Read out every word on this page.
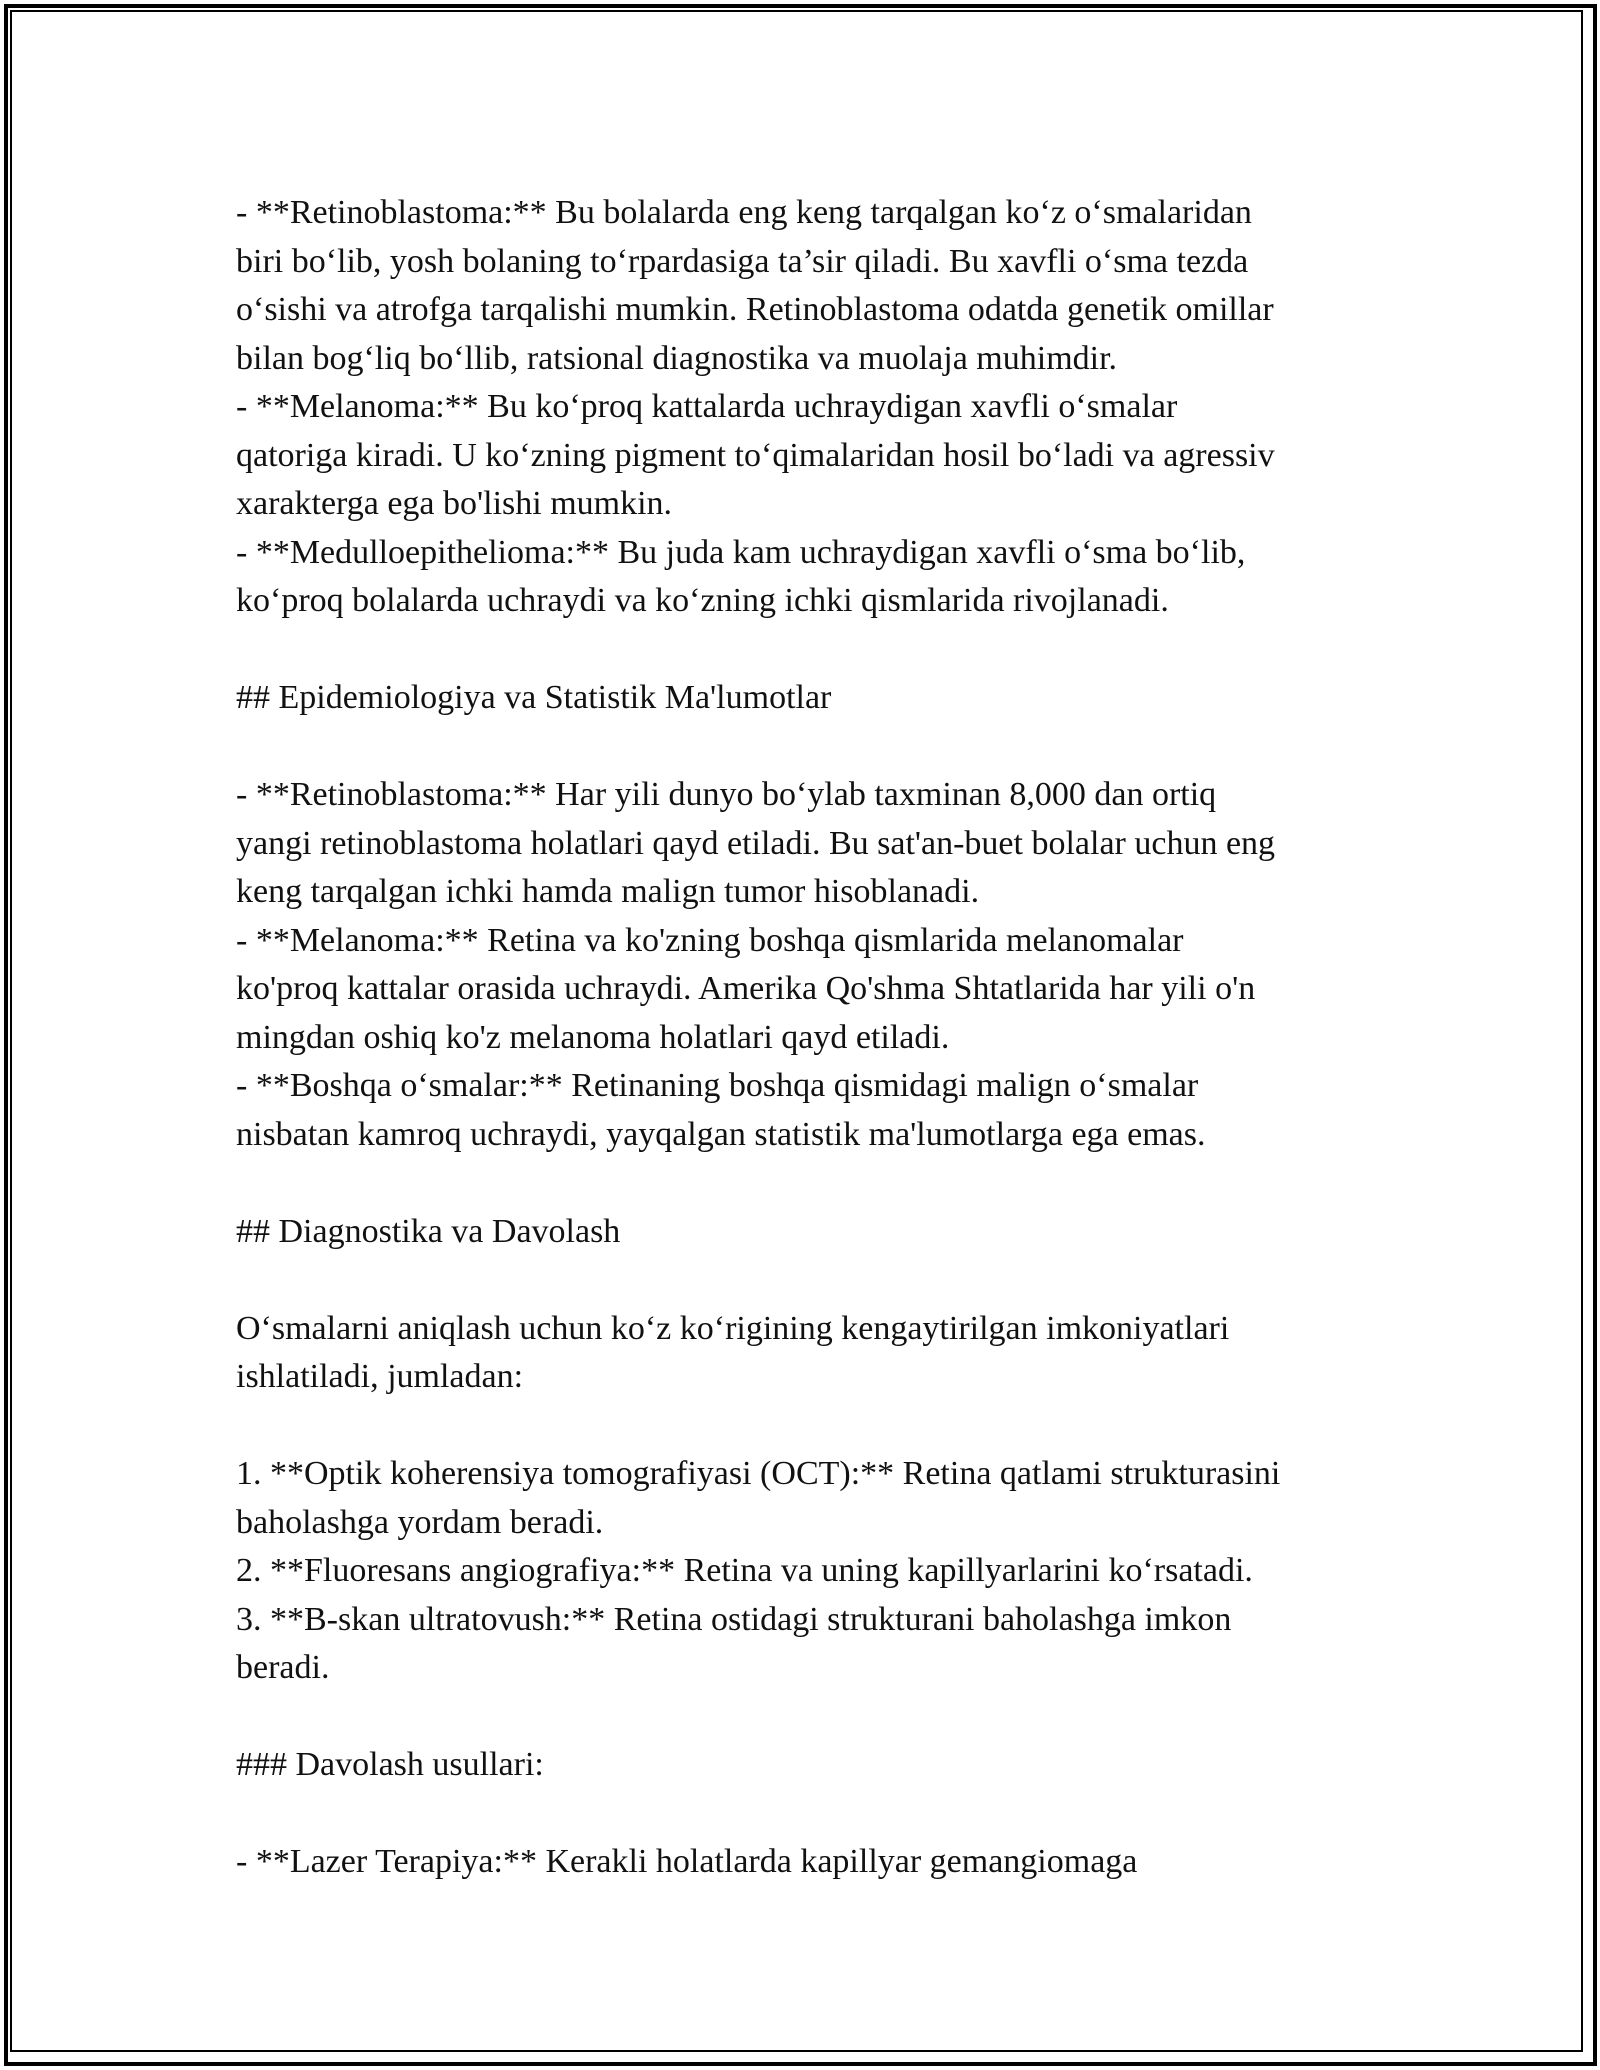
- **Retinoblastoma:** Bu bolalarda eng keng tarqalgan ko‘z o‘smalaridan
biri bo‘lib, yosh bolaning to‘rpardasiga ta’sir qiladi. Bu xavfli o‘sma tezda
o‘sishi va atrofga tarqalishi mumkin. Retinoblastoma odatda genetik omillar
bilan bog‘liq bo‘llib, ratsional diagnostika va muolaja muhimdir.
- **Melanoma:** Bu ko‘proq kattalarda uchraydigan xavfli o‘smalar
qatoriga kiradi. U ko‘zning pigment to‘qimalaridan hosil bo‘ladi va agressiv
xarakterga ega bo'lishi mumkin.
- **Medulloepithelioma:** Bu juda kam uchraydigan xavfli o‘sma bo‘lib,
ko‘proq bolalarda uchraydi va ko‘zning ichki qismlarida rivojlanadi.
## Epidemiologiya va Statistik Ma'lumotlar
- **Retinoblastoma:** Har yili dunyo bo‘ylab taxminan 8,000 dan ortiq
yangi retinoblastoma holatlari qayd etiladi. Bu sat'an-buet bolalar uchun eng
keng tarqalgan ichki hamda malign tumor hisoblanadi.
- **Melanoma:** Retina va ko'zning boshqa qismlarida melanomalar
ko'proq kattalar orasida uchraydi. Amerika Qo'shma Shtatlarida har yili o'n
mingdan oshiq ko'z melanoma holatlari qayd etiladi.
- **Boshqa o‘smalar:** Retinaning boshqa qismidagi malign o‘smalar
nisbatan kamroq uchraydi, yayqalgan statistik ma'lumotlarga ega emas.
## Diagnostika va Davolash
O‘smalarni aniqlash uchun ko‘z ko‘rigining kengaytirilgan imkoniyatlari
ishlatiladi, jumladan:
1. **Optik koherensiya tomografiyasi (OCT):** Retina qatlami strukturasini
baholashga yordam beradi.
2. **Fluoresans angiografiya:** Retina va uning kapillyarlarini ko‘rsatadi.
3. **B-skan ultratovush:** Retina ostidagi strukturani baholashga imkon
beradi.
### Davolash usullari:
- **Lazer Terapiya:** Kerakli holatlarda kapillyar gemangiomaga
